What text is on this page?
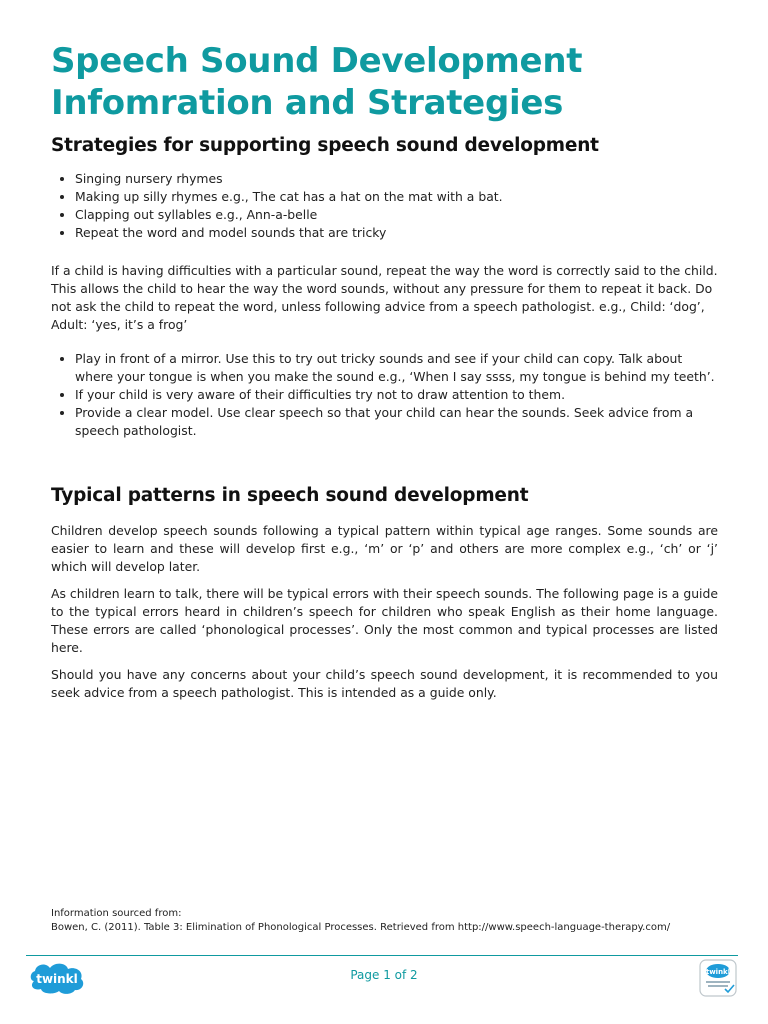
Speech Sound Development
Infomration and Strategies
Strategies for supporting speech sound development
• Singing nursery rhymes
• Making up silly rhymes e.g., The cat has a hat on the mat with a bat.
• Clapping out syllables e.g., Ann-a-belle
• Repeat the word and model sounds that are tricky

If a child is having difficulties with a particular sound, repeat the way the word is correctly said to the child. This allows the child to hear the way the word sounds, without any pressure for them to repeat it back. Do not ask the child to repeat the word, unless following advice from a speech pathologist. e.g., Child: ‘dog’, Adult: ‘yes, it’s a frog’

• Play in front of a mirror. Use this to try out tricky sounds and see if your child can copy. Talk about where your tongue is when you make the sound e.g., ‘When I say ssss, my tongue is behind my teeth’.
• If your child is very aware of their difficulties try not to draw attention to them.
• Provide a clear model. Use clear speech so that your child can hear the sounds. Seek advice from a speech pathologist.
Typical patterns in speech sound development

Children develop speech sounds following a typical pattern within typical age ranges. Some sounds are easier to learn and these will develop first e.g., ‘m’ or ‘p’ and others are more complex e.g., ‘ch’ or ‘j’ which will develop later.

As children learn to talk, there will be typical errors with their speech sounds. The following page is a guide to the typical errors heard in children’s speech for children who speak English as their home language. These errors are called ‘phonological processes’. Only the most common and typical processes are listed here.

Should you have any concerns about your child’s speech sound development, it is recommended to you seek advice from a speech pathologist. This is intended as a guide only.

Information sourced from:
Bowen, C. (2011). Table 3: Elimination of Phonological Processes. Retrieved from http://www.speech-language-therapy.com/
twinkl	Page 1 of 2	twinkl
